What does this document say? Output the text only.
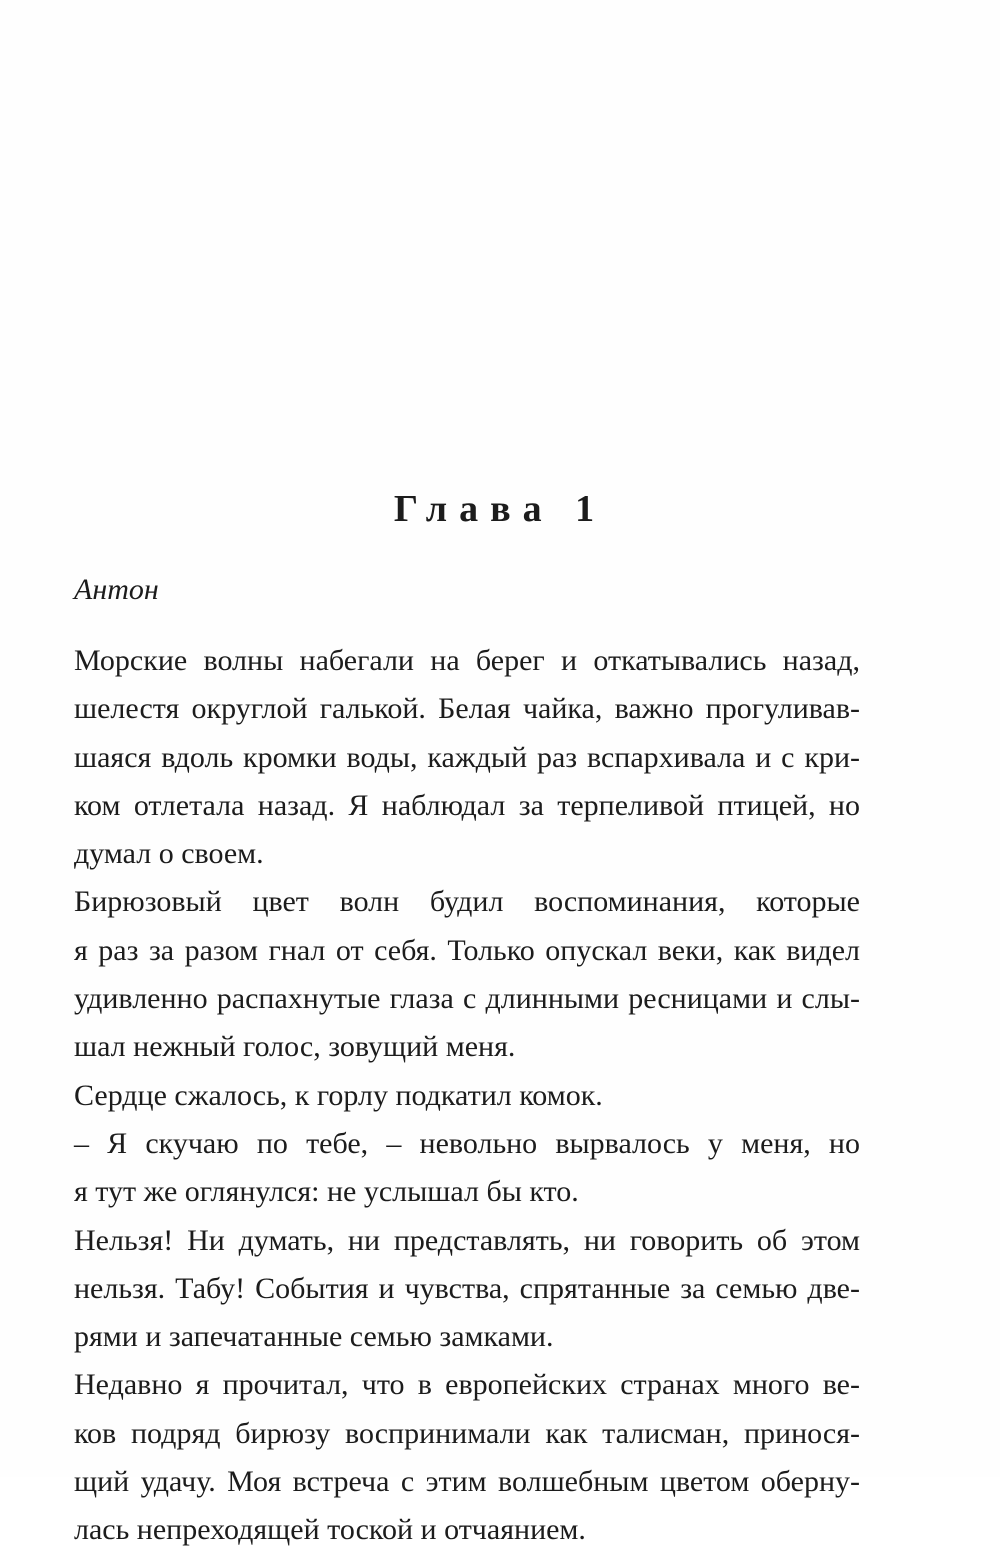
Глава 1
Антон
Морские волны набегали на берег и откатывались назад,
шелестя округлой галькой. Белая чайка, важно прогуливав-
шаяся вдоль кромки воды, каждый раз вспархивала и с кри-
ком отлетала назад. Я наблюдал за терпеливой птицей, но
думал о своем.
Бирюзовый цвет волн будил воспоминания, которые
я раз за разом гнал от себя. Только опускал веки, как видел
удивленно распахнутые глаза с длинными ресницами и слы-
шал нежный голос, зовущий меня.
Сердце сжалось, к горлу подкатил комок.
– Я скучаю по тебе, – невольно вырвалось у меня, но
я тут же оглянулся: не услышал бы кто.
Нельзя! Ни думать, ни представлять, ни говорить об этом
нельзя. Табу! События и чувства, спрятанные за семью две-
рями и запечатанные семью замками.
Недавно я прочитал, что в европейских странах много ве-
ков подряд бирюзу воспринимали как талисман, принося-
щий удачу. Моя встреча с этим волшебным цветом оберну-
лась непреходящей тоской и отчаянием.
